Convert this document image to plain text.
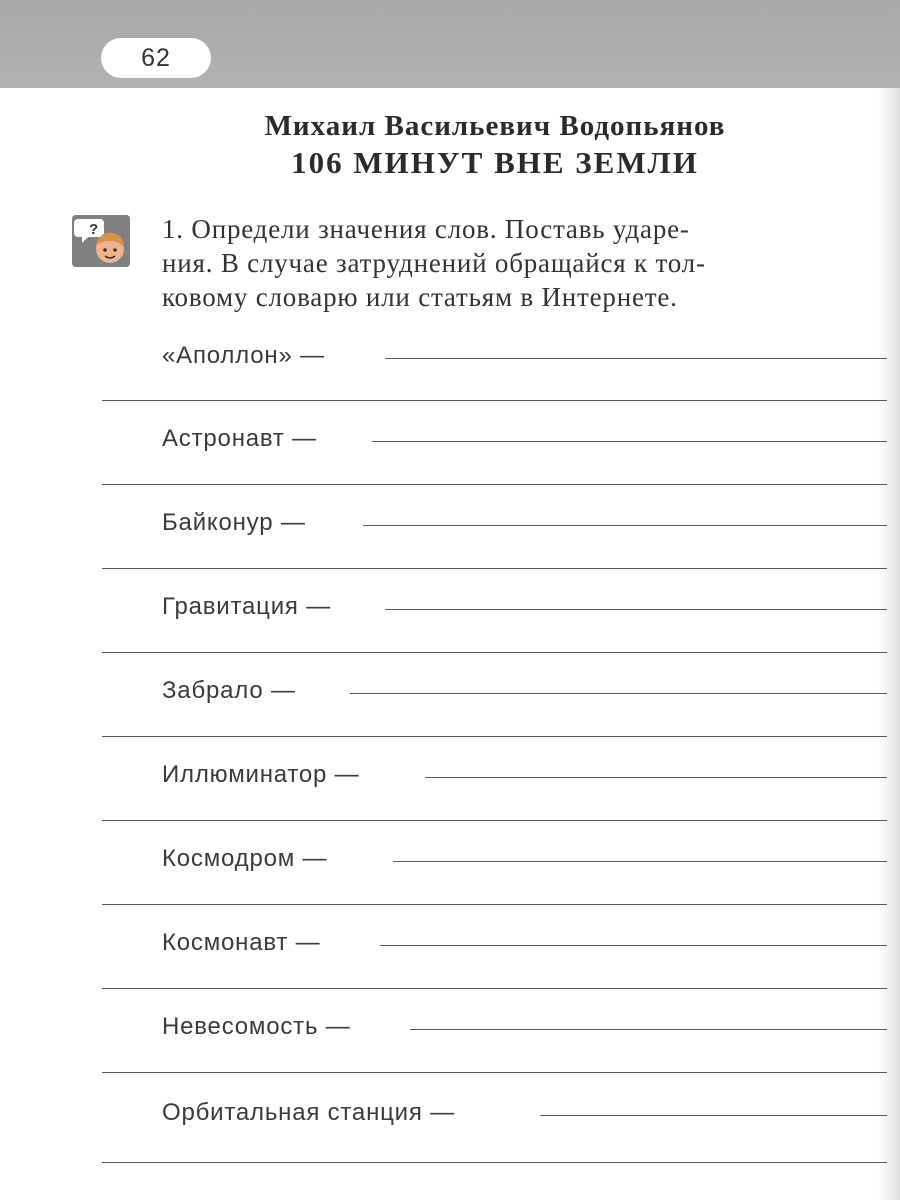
62
Михаил Васильевич Водопьянов
106 МИНУТ ВНЕ ЗЕМЛИ
? 1. Определи значения слов. Поставь ударе-
ния. В случае затруднений обращайся к тол-
ковому словарю или статьям в Интернете.
«Аполлон» —
Астронавт —
Байконур —
Гравитация —
Забрало —
Иллюминатор —
Космодром —
Космонавт —
Невесомость —
Орбитальная станция —
